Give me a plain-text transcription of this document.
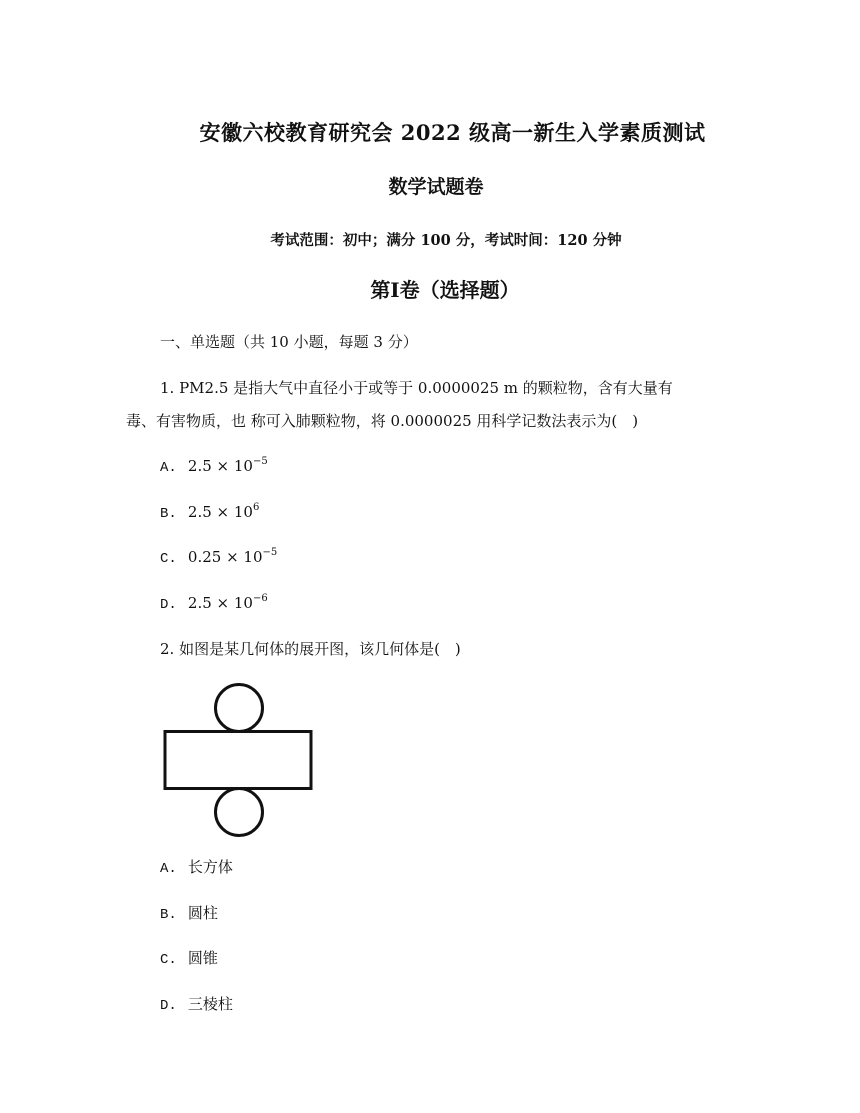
安徽六校教育研究会 2022 级高一新生入学素质测试
数学试题卷
考试范围：初中；满分 100 分，考试时间：120 分钟
第Ⅰ卷（选择题）
一、单选题（共 10 小题，每题 3 分）
1. PM2.5 是指大气中直径小于或等于 0.0000025 m 的颗粒物，含有大量有
毒、有害物质，也 称可入肺颗粒物，将 0.0000025 用科学记数法表示为(　)
A. $2.5 \times 10^{-5}$
B. $2.5 \times 10^6$
C. $0.25 \times 10^{-5}$
D. $2.5 \times 10^{-6}$
2. 如图是某几何体的展开图，该几何体是(　)
A. 长方体
B. 圆柱
C. 圆锥
D. 三棱柱
